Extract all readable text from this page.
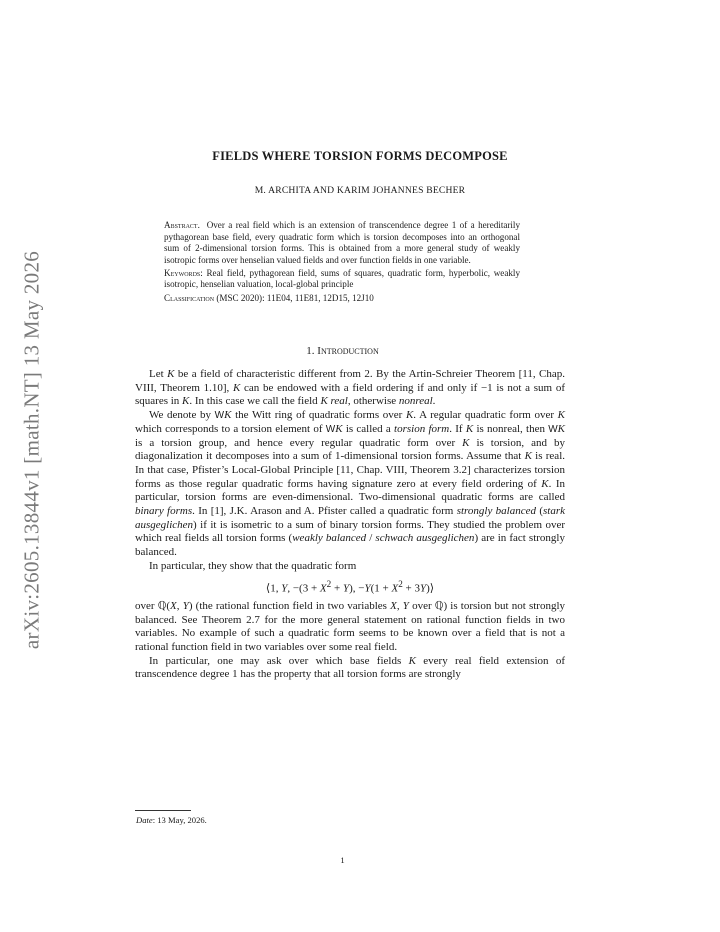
arXiv:2605.13844v1 [math.NT] 13 May 2026
FIELDS WHERE TORSION FORMS DECOMPOSE
M. ARCHITA AND KARIM JOHANNES BECHER

Abstract. Over a real field which is an extension of transcendence degree 1 of a hereditarily pythagorean base field, every quadratic form which is torsion decomposes into an orthogonal sum of 2-dimensional torsion forms. This is obtained from a more general study of weakly isotropic forms over henselian valued fields and over function fields in one variable.

Keywords: Real field, pythagorean field, sums of squares, quadratic form, hyperbolic, weakly isotropic, henselian valuation, local-global principle

Classification (MSC 2020): 11E04, 11E81, 12D15, 12J10

1. Introduction

Let K be a field of characteristic different from 2. By the Artin-Schreier Theorem [11, Chap. VIII, Theorem 1.10], K can be endowed with a field ordering if and only if −1 is not a sum of squares in K. In this case we call the field K real, otherwise nonreal.

We denote by WK the Witt ring of quadratic forms over K. A regular quadratic form over K which corresponds to a torsion element of WK is called a torsion form. If K is nonreal, then WK is a torsion group, and hence every regular quadratic form over K is torsion, and by diagonalization it decomposes into a sum of 1-dimensional torsion forms. Assume that K is real. In that case, Pfister’s Local-Global Principle [11, Chap. VIII, Theorem 3.2] characterizes torsion forms as those regular quadratic forms having signature zero at every field ordering of K. In particular, torsion forms are even-dimensional. Two-dimensional quadratic forms are called binary forms. In [1], J.K. Arason and A. Pfister called a quadratic form strongly balanced (stark ausgeglichen) if it is isometric to a sum of binary torsion forms. They studied the problem over which real fields all torsion forms (weakly balanced / schwach ausgeglichen) are in fact strongly balanced.

In particular, they show that the quadratic form

⟨1, Y, $-(3 + X^2 + Y)$, $-Y(1 + X^2$ + 3Y)⟩

over ℚ(X, Y) (the rational function field in two variables X, Y over ℚ) is torsion but not strongly balanced. See Theorem 2.7 for the more general statement on rational function fields in two variables. No example of such a quadratic form seems to be known over a field that is not a rational function field in two variables over some real field.

In particular, one may ask over which base fields K every real field extension of transcendence degree 1 has the property that all torsion forms are strongly

Date: 13 May, 2026.
1
